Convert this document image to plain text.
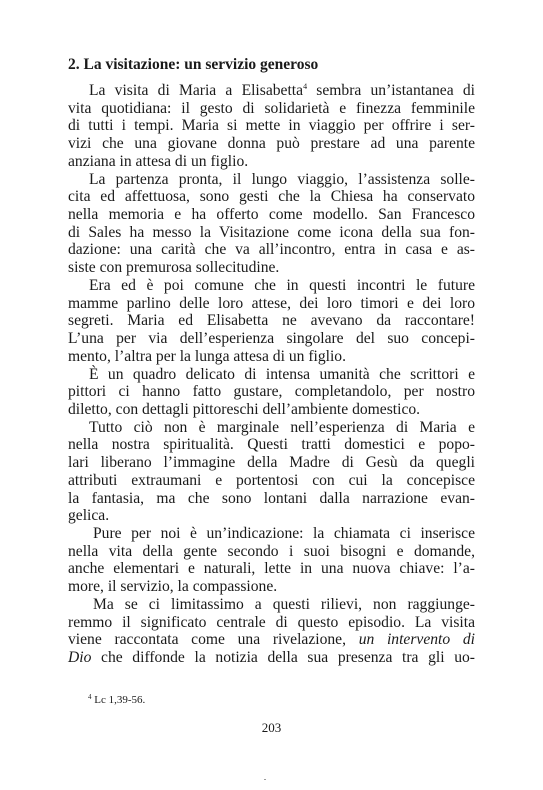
2. La visitazione: un servizio generoso
La visita di Maria a Elisabetta$^4$ sembra un’istantanea di
vita quotidiana: il gesto di solidarietà e finezza femminile
di tutti i tempi. Maria si mette in viaggio per offrire i ser-
vizi che una giovane donna può prestare ad una parente
anziana in attesa di un figlio.
La partenza pronta, il lungo viaggio, l’assistenza solle-
cita ed affettuosa, sono gesti che la Chiesa ha conservato
nella memoria e ha offerto come modello. San Francesco
di Sales ha messo la Visitazione come icona della sua fon-
dazione: una carità che va all’incontro, entra in casa e as-
siste con premurosa sollecitudine.
Era ed è poi comune che in questi incontri le future
mamme parlino delle loro attese, dei loro timori e dei loro
segreti. Maria ed Elisabetta ne avevano da raccontare!
L’una per via dell’esperienza singolare del suo concepi-
mento, l’altra per la lunga attesa di un figlio.
È un quadro delicato di intensa umanità che scrittori e
pittori ci hanno fatto gustare, completandolo, per nostro
diletto, con dettagli pittoreschi dell’ambiente domestico.
Tutto ciò non è marginale nell’esperienza di Maria e
nella nostra spiritualità. Questi tratti domestici e popo-
lari liberano l’immagine della Madre di Gesù da quegli
attributi extraumani e portentosi con cui la concepisce
la fantasia, ma che sono lontani dalla narrazione evan-
gelica.
Pure per noi è un’indicazione: la chiamata ci inserisce
nella vita della gente secondo i suoi bisogni e domande,
anche elementari e naturali, lette in una nuova chiave: l’a-
more, il servizio, la compassione.
Ma se ci limitassimo a questi rilievi, non raggiunge-
remmo il significato centrale di questo episodio. La visita
viene raccontata come una rivelazione, un intervento di
Dio che diffonde la notizia della sua presenza tra gli uo-
$^4$ Lc 1,39-56.
203
